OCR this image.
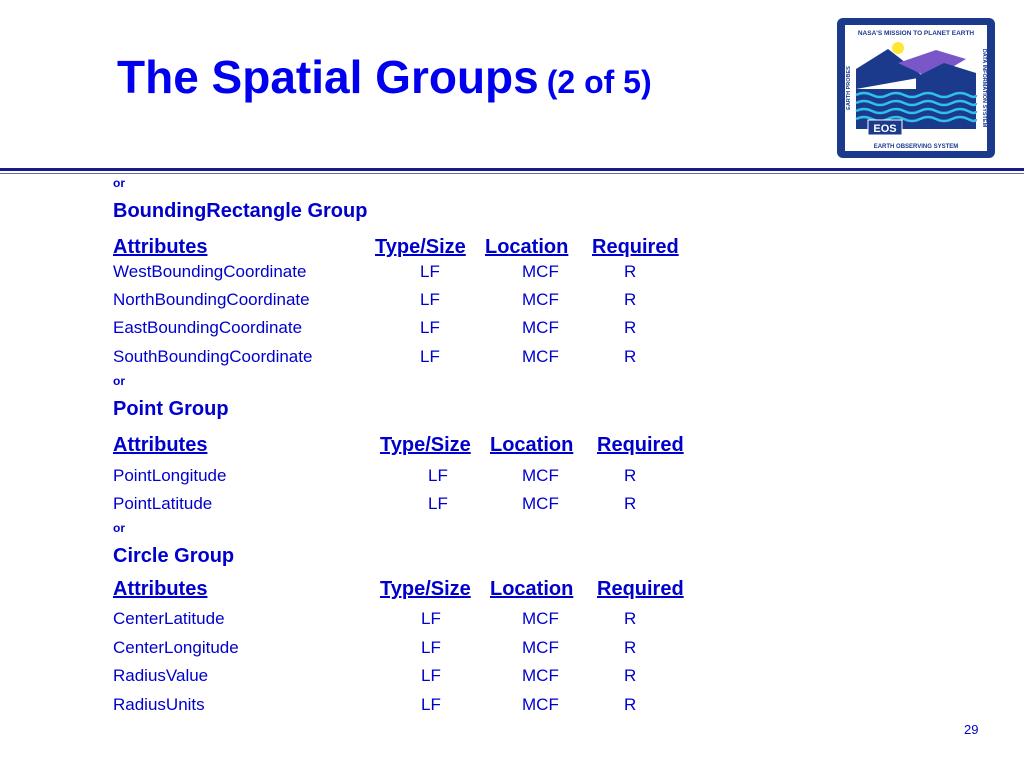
The Spatial Groups (2 of 5)
NASA'S MISSION TO PLANET EARTH
EARTH PROBES	DATA INFORMATION SYSTEM
EOS
EARTH OBSERVING SYSTEM
or
BoundingRectangle Group
Attributes	Type/Size Location Required
WestBoundingCoordinate	LF	MCF	R
NorthBoundingCoordinate	LF	MCF	R
EastBoundingCoordinate	LF	MCF	R
SouthBoundingCoordinate	LF	MCF	R
or
Point Group
Attributes	Type/Size Location Required
PointLongitude	LF	MCF	R
PointLatitude	LF	MCF	R
or
Circle Group
Attributes	Type/Size Location Required
CenterLatitude	LF	MCF	R
CenterLongitude	LF	MCF	R
RadiusValue	LF	MCF	R
RadiusUnits	LF	MCF	R
29
